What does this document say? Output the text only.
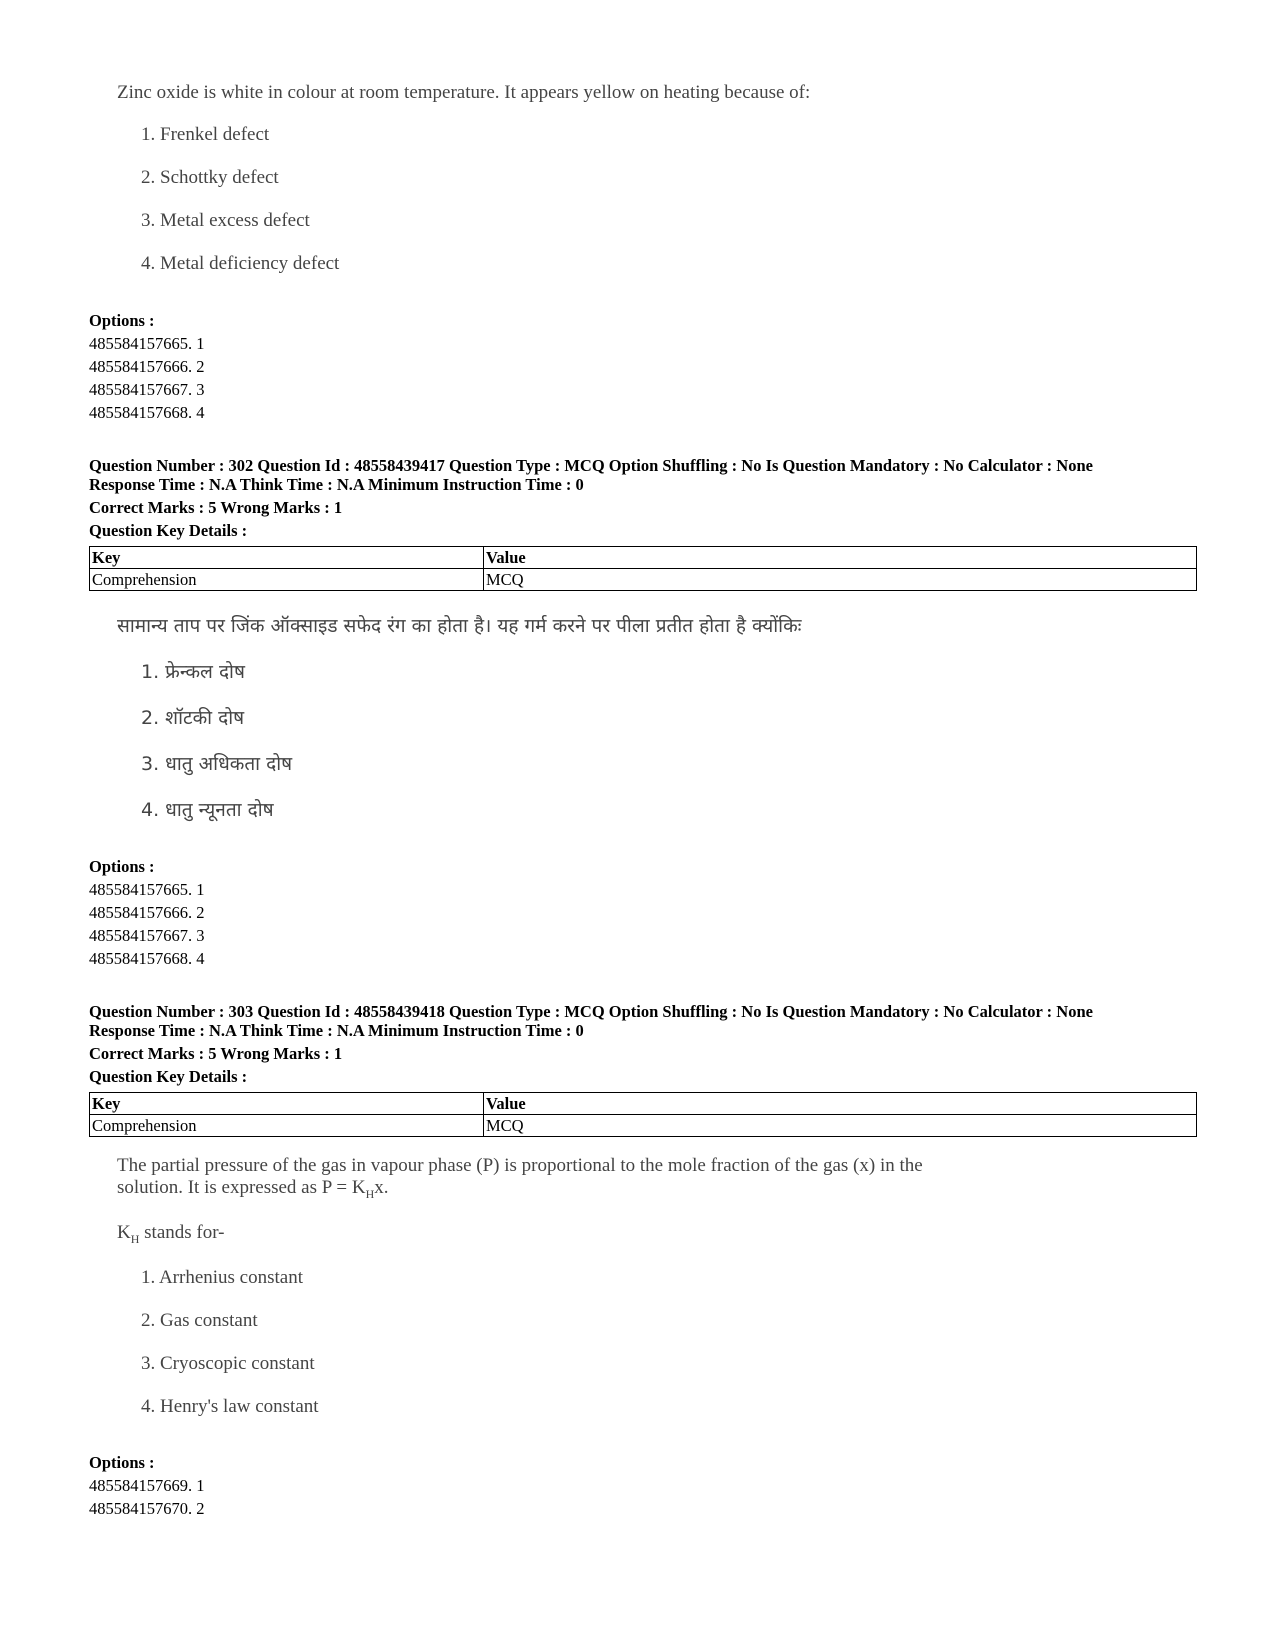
Zinc oxide is white in colour at room temperature. It appears yellow on heating because of:
1. Frenkel defect
2. Schottky defect
3. Metal excess defect
4. Metal deficiency defect
Options :
485584157665. 1
485584157666. 2
485584157667. 3
485584157668. 4
Question Number : 302 Question Id : 48558439417 Question Type : MCQ Option Shuffling : No Is Question Mandatory : No Calculator : None
Response Time : N.A Think Time : N.A Minimum Instruction Time : 0
Correct Marks : 5 Wrong Marks : 1
Question Key Details :
Key	Value
Comprehension	MCQ
सामान्य ताप पर जिंक ऑक्साइड सफेद रंग का होता है। यह गर्म करने पर पीला प्रतीत होता है क्योंकिः
1. फ्रेन्कल दोष
2. शॉटकी दोष
3. धातु अधिकता दोष
4. धातु न्यूनता दोष
Options :
485584157665. 1
485584157666. 2
485584157667. 3
485584157668. 4
Question Number : 303 Question Id : 48558439418 Question Type : MCQ Option Shuffling : No Is Question Mandatory : No Calculator : None
Response Time : N.A Think Time : N.A Minimum Instruction Time : 0
Correct Marks : 5 Wrong Marks : 1
Question Key Details :
Key	Value
Comprehension	MCQ
The partial pressure of the gas in vapour phase (P) is proportional to the mole fraction of the gas (x) in the
solution. It is expressed as $P = K_Hx$.
$K_H$ stands for-
1. Arrhenius constant
2. Gas constant
3. Cryoscopic constant
4. Henry's law constant
Options :
485584157669. 1
485584157670. 2
